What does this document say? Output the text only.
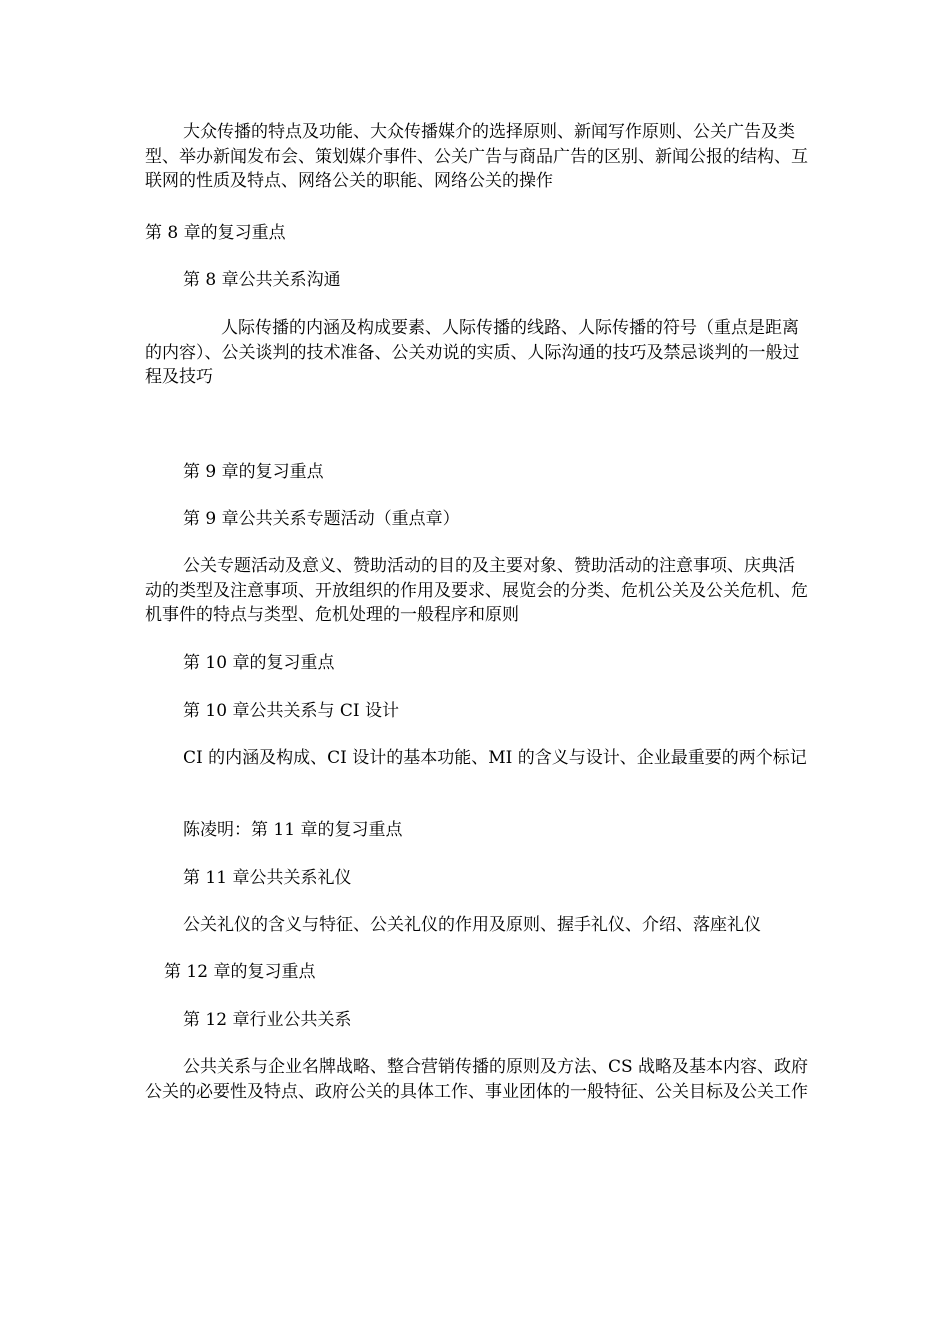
大众传播的特点及功能、大众传播媒介的选择原则、新闻写作原则、公关广告及类型、举办新闻发布会、策划媒介事件、公关广告与商品广告的区别、新闻公报的结构、互联网的性质及特点、网络公关的职能、网络公关的操作

第 8 章的复习重点

第 8 章公共关系沟通

人际传播的内涵及构成要素、人际传播的线路、人际传播的符号（重点是距离的内容）、公关谈判的技术准备、公关劝说的实质、人际沟通的技巧及禁忌谈判的一般过程及技巧

第 9 章的复习重点

第 9 章公共关系专题活动（重点章）

公关专题活动及意义、赞助活动的目的及主要对象、赞助活动的注意事项、庆典活动的类型及注意事项、开放组织的作用及要求、展览会的分类、危机公关及公关危机、危机事件的特点与类型、危机处理的一般程序和原则

第 10 章的复习重点

第 10 章公共关系与 CI 设计

CI 的内涵及构成、CI 设计的基本功能、MI 的含义与设计、企业最重要的两个标记

陈凌明：第 11 章的复习重点

第 11 章公共关系礼仪

公关礼仪的含义与特征、公关礼仪的作用及原则、握手礼仪、介绍、落座礼仪

第 12 章的复习重点

第 12 章行业公共关系

公共关系与企业名牌战略、整合营销传播的原则及方法、CS 战略及基本内容、政府公关的必要性及特点、政府公关的具体工作、事业团体的一般特征、公关目标及公关工作
